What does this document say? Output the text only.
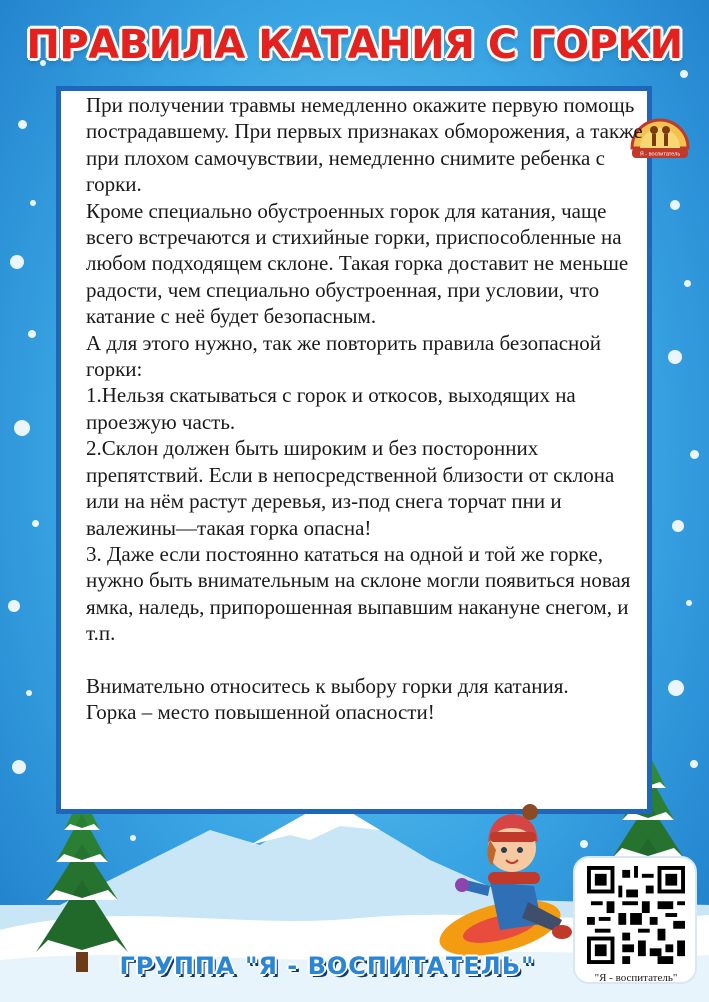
ПРАВИЛА КАТАНИЯ С ГОРКИ
Я - воспитатель

При получении травмы немедленно окажите первую помощь пострадавшему. При первых признаках обморожения, а также при плохом самочувствии, немедленно снимите ребенка с горки.

Кроме специально обустроенных горок для катания, чаще всего встречаются и стихийные горки, приспособленные на любом подходящем склоне. Такая горка доставит не меньше радости, чем специально обустроенная, при условии, что катание с неё будет безопасным.

А для этого нужно, так же повторить правила безопасной горки:

1.Нельзя скатываться с горок и откосов, выходящих на проезжую часть.

2.Склон должен быть широким и без посторонних препятствий. Если в непосредственной близости от склона или на нём растут деревья, из-под снега торчат пни и валежины—такая горка опасна!

3. Даже если постоянно кататься на одной и той же горке, нужно быть внимательным на склоне могли появиться новая ямка, наледь, припорошенная выпавшим накануне снегом, и т.п.

Внимательно относитесь к выбору горки для катания.

Горка – место повышенной опасности!

"Я - воспитатель"
ГРУППА "Я - ВОСПИТАТЕЛЬ"
